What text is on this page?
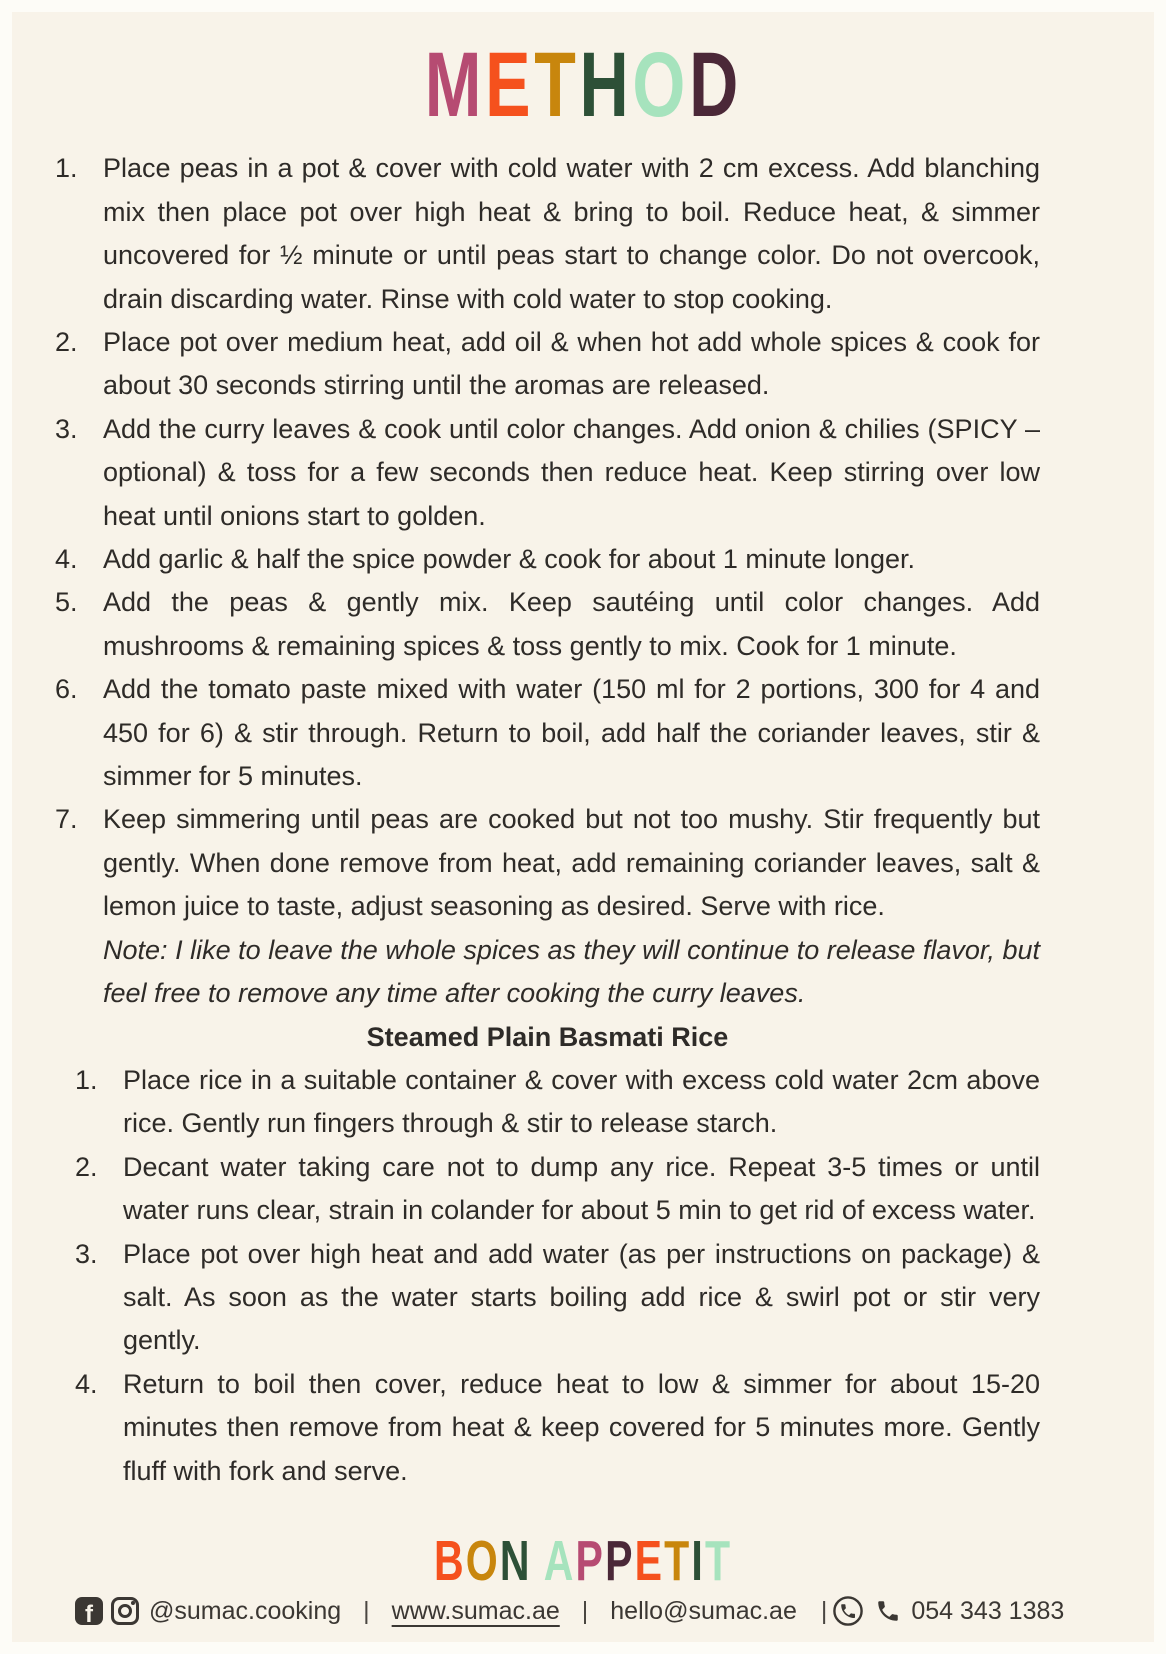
METHOD
1. Place peas in a pot & cover with cold water with 2 cm excess. Add blanching mix then place pot over high heat & bring to boil. Reduce heat, & simmer uncovered for ½ minute or until peas start to change color. Do not overcook, drain discarding water. Rinse with cold water to stop cooking.
2. Place pot over medium heat, add oil & when hot add whole spices & cook for about 30 seconds stirring until the aromas are released.
3. Add the curry leaves & cook until color changes. Add onion & chilies (SPICY – optional) & toss for a few seconds then reduce heat. Keep stirring over low heat until onions start to golden.
4. Add garlic & half the spice powder & cook for about 1 minute longer.
5. Add the peas & gently mix. Keep sautéing until color changes. Add mushrooms & remaining spices & toss gently to mix. Cook for 1 minute.
6. Add the tomato paste mixed with water (150 ml for 2 portions, 300 for 4 and 450 for 6) & stir through. Return to boil, add half the coriander leaves, stir & simmer for 5 minutes.
7. Keep simmering until peas are cooked but not too mushy. Stir frequently but gently. When done remove from heat, add remaining coriander leaves, salt & lemon juice to taste, adjust seasoning as desired. Serve with rice.
Note: I like to leave the whole spices as they will continue to release flavor, but feel free to remove any time after cooking the curry leaves.
Steamed Plain Basmati Rice
1. Place rice in a suitable container & cover with excess cold water 2cm above rice. Gently run fingers through & stir to release starch.
2. Decant water taking care not to dump any rice. Repeat 3-5 times or until water runs clear, strain in colander for about 5 min to get rid of excess water.
3. Place pot over high heat and add water (as per instructions on package) & salt. As soon as the water starts boiling add rice & swirl pot or stir very gently.
4. Return to boil then cover, reduce heat to low & simmer for about 15-20 minutes then remove from heat & keep covered for 5 minutes more. Gently fluff with fork and serve.
BON APPETIT
f	@sumac.cooking | www.sumac.ae | hello@sumac.ae |	054 343 1383
